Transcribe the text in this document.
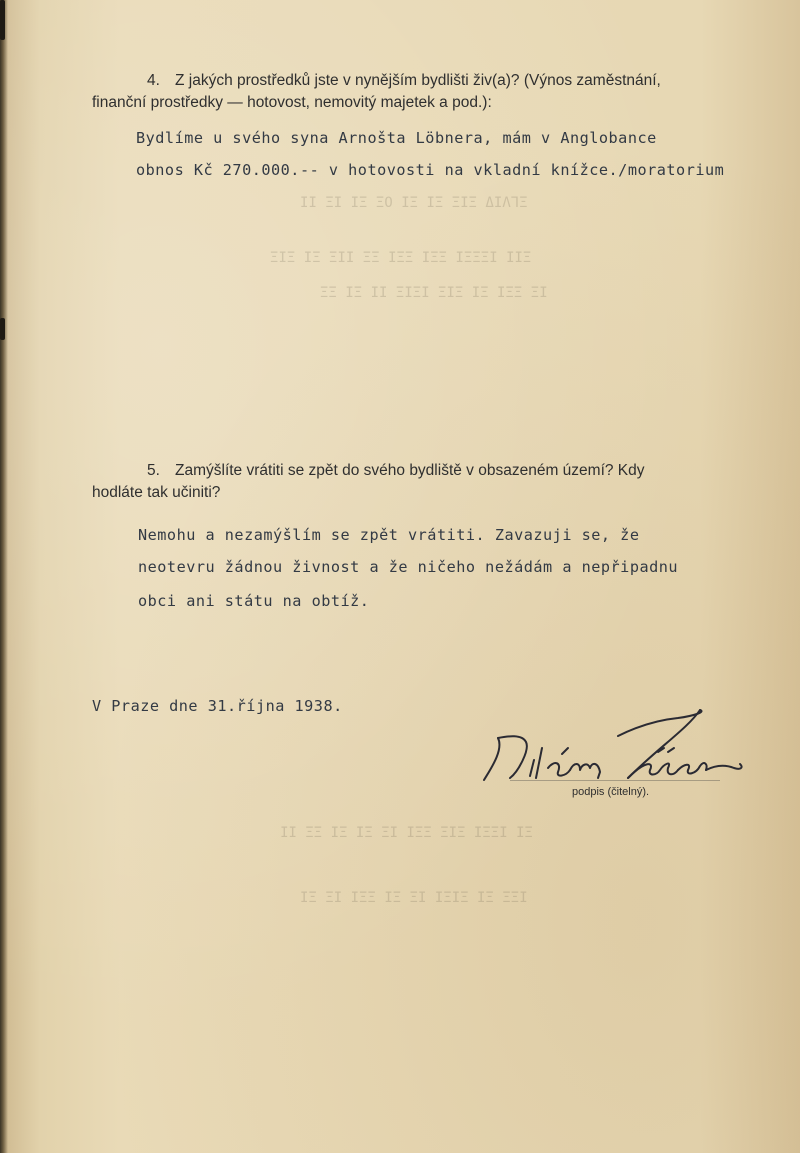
ΞΓΛΙΔ ΞΙΞ ΞΙ ΞΙ ΟΞ ΞΙ ΙΞ ΙΙ
ΞΙΙ ΙΞΞΞΙ ΞΞΙ ΞΞΙ ΞΞ ΙΙΞ ΞΙ ΞΙΞ
ΙΞ ΞΞΙ ΞΙ ΞΙΞ ΙΞΙΞ ΙΙ ΞΙ ΞΞ
ΞΙ ΙΞΞΙ ΞΙΞ ΞΞΙ ΙΞ ΞΙ ΞΙ ΞΞ ΙΙ
ΙΞΞ ΞΙ ΞΙΞΙ ΙΞ ΞΙ ΞΞΙ ΙΞ ΞΙ
4. Z jakých prostředků jste v nynějším bydlišti živ(a)? (Výnos zaměstnání,
finanční prostředky — hotovost, nemovitý majetek a pod.):
Bydlíme u svého syna Arnošta Löbnera, mám v Anglobance
obnos Kč 270.000.-- v hotovosti na vkladní knížce./moratorium
5. Zamýšlíte vrátiti se zpět do svého bydliště v obsazeném území? Kdy
hodláte tak učiniti?
Nemohu a nezamýšlím se zpět vrátiti. Zavazuji se, že
neotevru žádnou živnost a že ničeho nežádám a nepřipadnu
obci ani státu na obtíž.
V Praze dne 31.října 1938.
podpis (čitelný).
